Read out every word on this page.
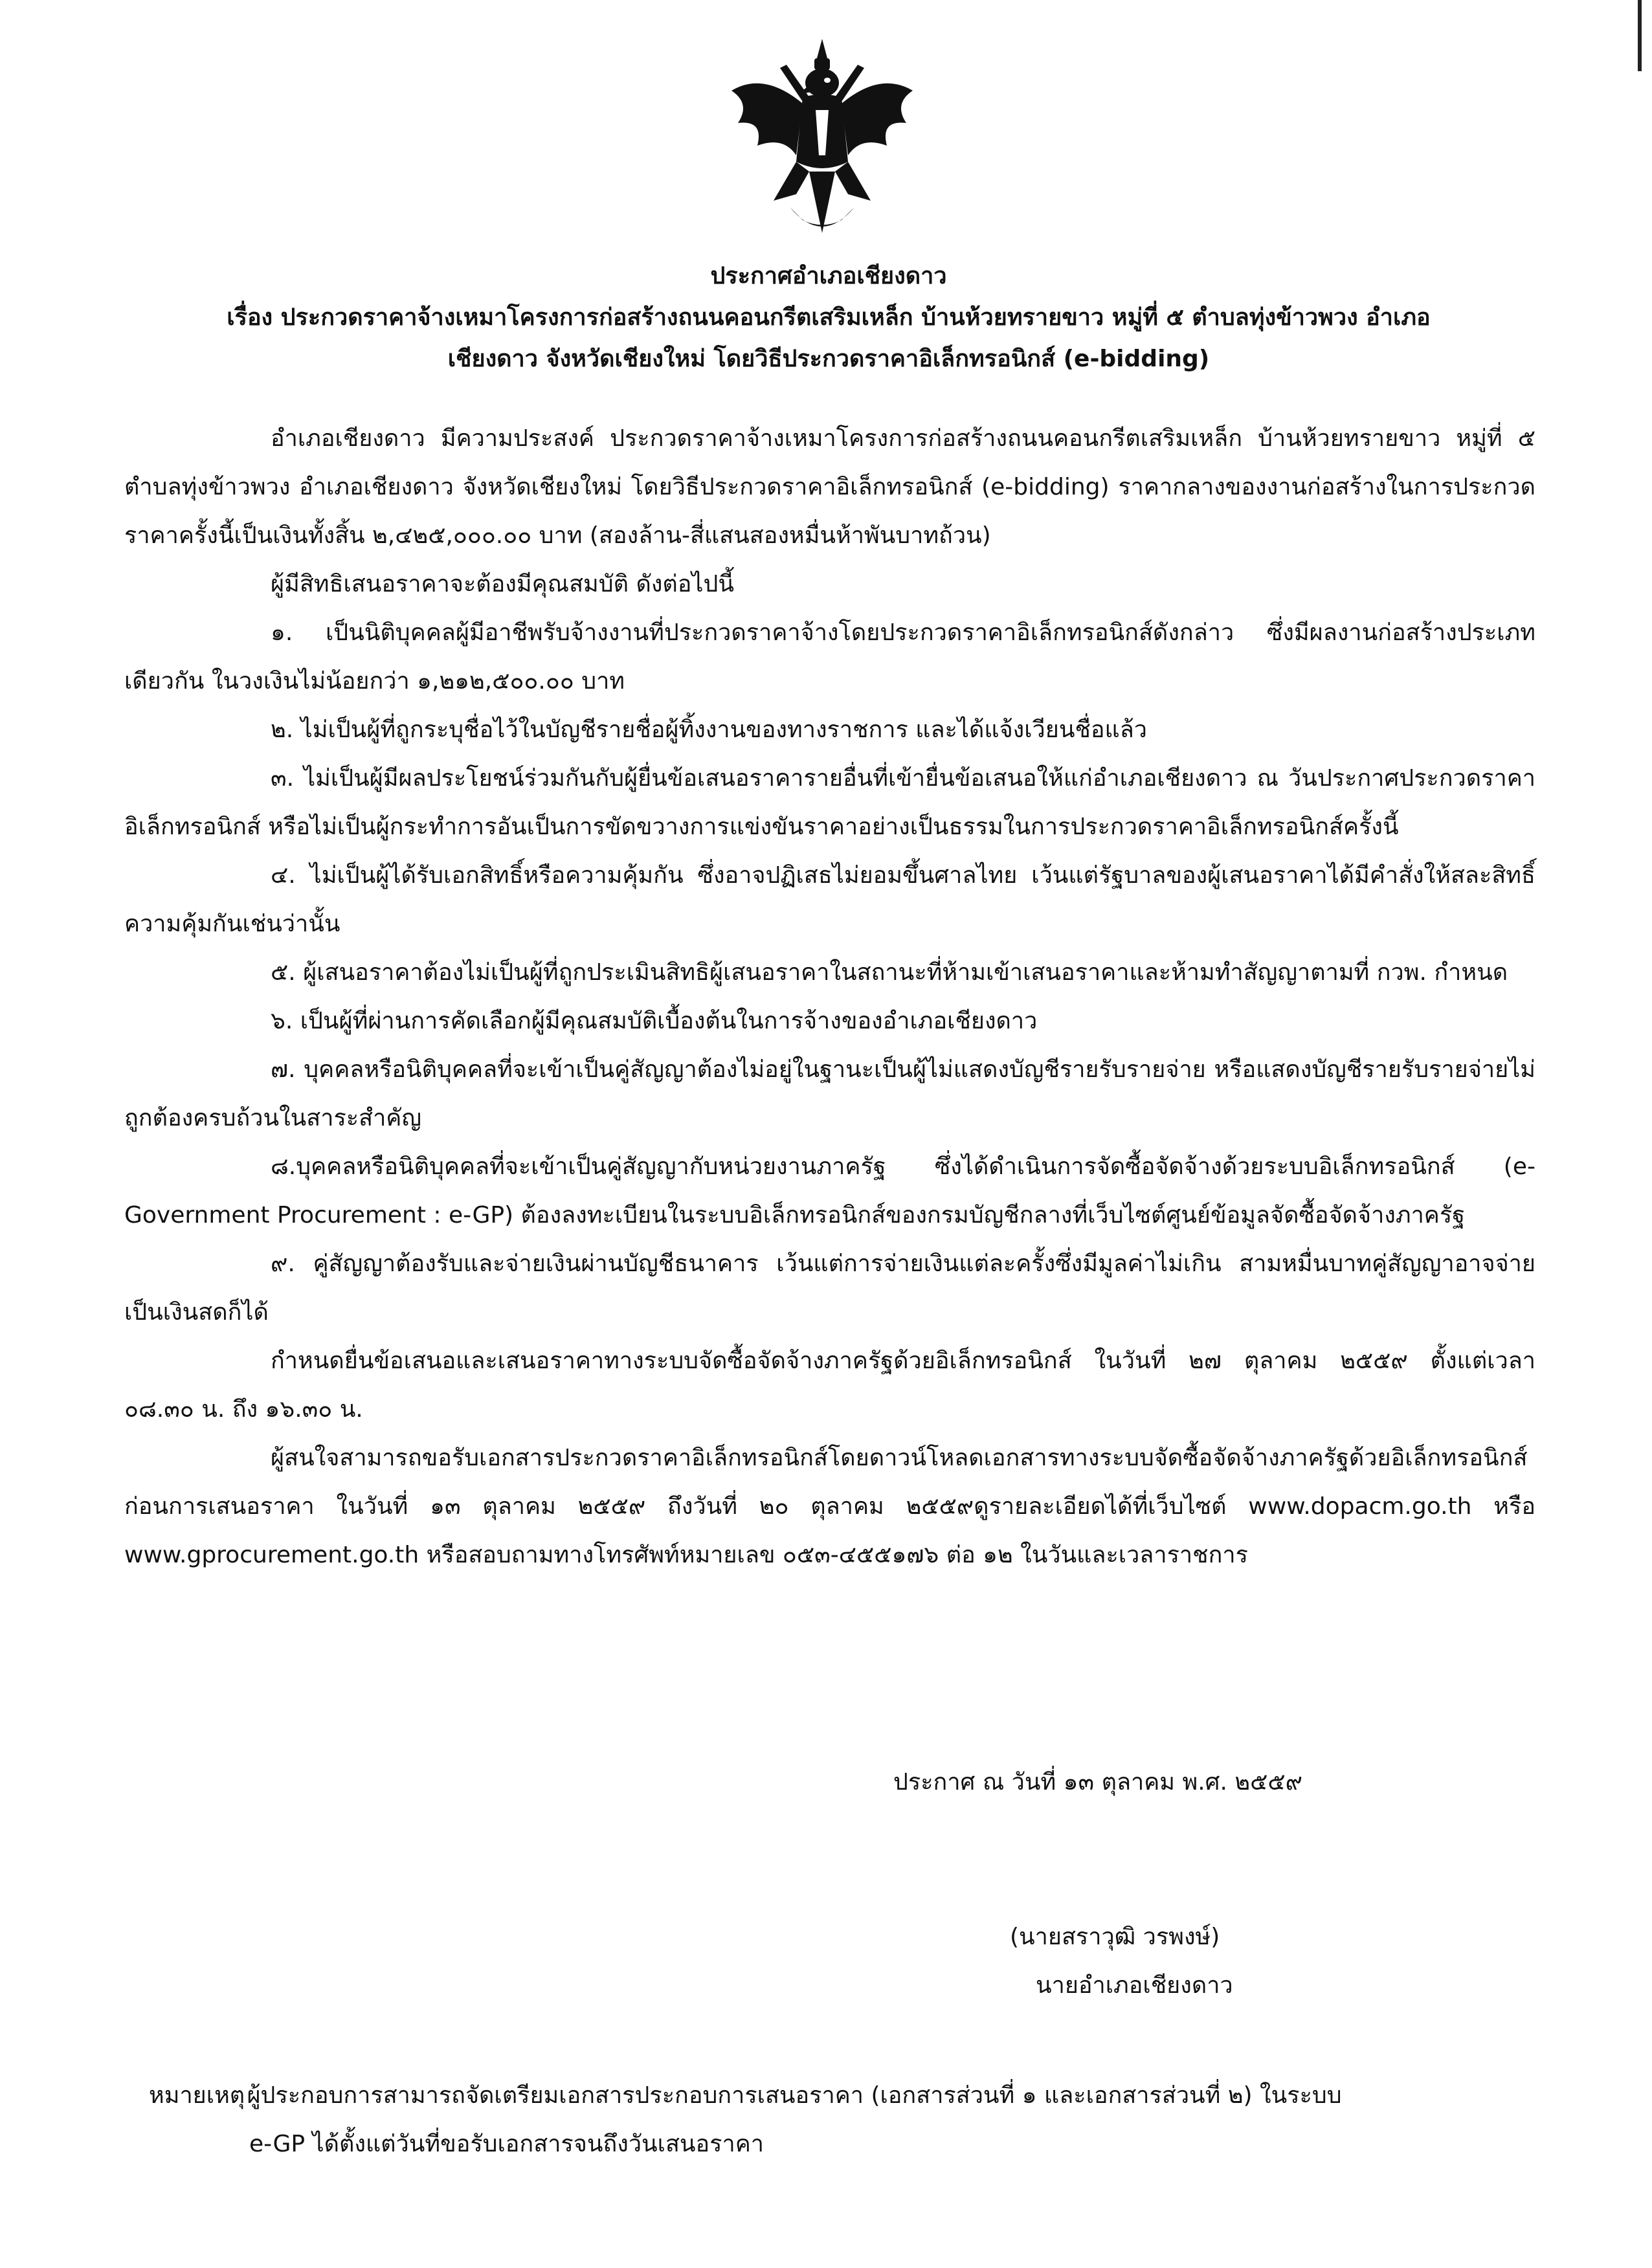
ประกาศอำเภอเชียงดาว
เรื่อง ประกวดราคาจ้างเหมาโครงการก่อสร้างถนนคอนกรีตเสริมเหล็ก บ้านห้วยทรายขาว หมู่ที่ ๕ ตำบลทุ่งข้าวพวง อำเภอ
เชียงดาว จังหวัดเชียงใหม่ โดยวิธีประกวดราคาอิเล็กทรอนิกส์ (e-bidding)

อำเภอเชียงดาว มีความประสงค์ ประกวดราคาจ้างเหมาโครงการก่อสร้างถนนคอนกรีตเสริมเหล็ก บ้านห้วยทรายขาว หมู่ที่ ๕ ตำบลทุ่งข้าวพวง อำเภอเชียงดาว จังหวัดเชียงใหม่ โดยวิธีประกวดราคาอิเล็กทรอนิกส์ (e-bidding) ราคากลางของงานก่อสร้างในการประกวดราคาครั้งนี้เป็นเงินทั้งสิ้น ๒,๔๒๕,๐๐๐.๐๐ บาท (สองล้าน-สี่แสนสองหมื่นห้าพันบาทถ้วน)

ผู้มีสิทธิเสนอราคาจะต้องมีคุณสมบัติ ดังต่อไปนี้

๑. เป็นนิติบุคคลผู้มีอาชีพรับจ้างงานที่ประกวดราคาจ้างโดยประกวดราคาอิเล็กทรอนิกส์ดังกล่าว ซึ่งมีผลงานก่อสร้างประเภทเดียวกัน ในวงเงินไม่น้อยกว่า ๑,๒๑๒,๕๐๐.๐๐ บาท

๒. ไม่เป็นผู้ที่ถูกระบุชื่อไว้ในบัญชีรายชื่อผู้ทิ้งงานของทางราชการ และได้แจ้งเวียนชื่อแล้ว

๓. ไม่เป็นผู้มีผลประโยชน์ร่วมกันกับผู้ยื่นข้อเสนอราคารายอื่นที่เข้ายื่นข้อเสนอให้แก่อำเภอเชียงดาว ณ วันประกาศประกวดราคาอิเล็กทรอนิกส์ หรือไม่เป็นผู้กระทำการอันเป็นการขัดขวางการแข่งขันราคาอย่างเป็นธรรมในการประกวดราคาอิเล็กทรอนิกส์ครั้งนี้

๔. ไม่เป็นผู้ได้รับเอกสิทธิ์หรือความคุ้มกัน ซึ่งอาจปฏิเสธไม่ยอมขึ้นศาลไทย เว้นแต่รัฐบาลของผู้เสนอราคาได้มีคำสั่งให้สละสิทธิ์ความคุ้มกันเช่นว่านั้น

๕. ผู้เสนอราคาต้องไม่เป็นผู้ที่ถูกประเมินสิทธิผู้เสนอราคาในสถานะที่ห้ามเข้าเสนอราคาและห้ามทำสัญญาตามที่ กวพ. กำหนด

๖. เป็นผู้ที่ผ่านการคัดเลือกผู้มีคุณสมบัติเบื้องต้นในการจ้างของอำเภอเชียงดาว

๗. บุคคลหรือนิติบุคคลที่จะเข้าเป็นคู่สัญญาต้องไม่อยู่ในฐานะเป็นผู้ไม่แสดงบัญชีรายรับรายจ่าย หรือแสดงบัญชีรายรับรายจ่ายไม่ถูกต้องครบถ้วนในสาระสำคัญ

๘.บุคคลหรือนิติบุคคลที่จะเข้าเป็นคู่สัญญากับหน่วยงานภาครัฐ ซึ่งได้ดำเนินการจัดซื้อจัดจ้างด้วยระบบอิเล็กทรอนิกส์ (e-Government Procurement : e-GP) ต้องลงทะเบียนในระบบอิเล็กทรอนิกส์ของกรมบัญชีกลางที่เว็บไซต์ศูนย์ข้อมูลจัดซื้อจัดจ้างภาครัฐ

๙. คู่สัญญาต้องรับและจ่ายเงินผ่านบัญชีธนาคาร เว้นแต่การจ่ายเงินแต่ละครั้งซึ่งมีมูลค่าไม่เกิน สามหมื่นบาทคู่สัญญาอาจจ่ายเป็นเงินสดก็ได้

กำหนดยื่นข้อเสนอและเสนอราคาทางระบบจัดซื้อจัดจ้างภาครัฐด้วยอิเล็กทรอนิกส์ ในวันที่ ๒๗ ตุลาคม ๒๕๕๙ ตั้งแต่เวลา ๐๘.๓๐ น. ถึง ๑๖.๓๐ น.

ผู้สนใจสามารถขอรับเอกสารประกวดราคาอิเล็กทรอนิกส์โดยดาวน์โหลดเอกสารทางระบบจัดซื้อจัดจ้างภาครัฐด้วยอิเล็กทรอนิกส์ก่อนการเสนอราคา ในวันที่ ๑๓ ตุลาคม ๒๕๕๙ ถึงวันที่ ๒๐ ตุลาคม ๒๕๕๙ดูรายละเอียดได้ที่เว็บไซต์ www.dopacm.go.th หรือ www.gprocurement.go.th หรือสอบถามทางโทรศัพท์หมายเลข ๐๕๓-๔๕๕๑๗๖ ต่อ ๑๒ ในวันและเวลาราชการ

ประกาศ ณ วันที่ ๑๓ ตุลาคม พ.ศ. ๒๕๕๙
(นายสราวุฒิ วรพงษ์)
นายอำเภอเชียงดาว
หมายเหตุ ผู้ประกอบการสามารถจัดเตรียมเอกสารประกอบการเสนอราคา (เอกสารส่วนที่ ๑ และเอกสารส่วนที่ ๒) ในระบบ
e-GP ได้ตั้งแต่วันที่ขอรับเอกสารจนถึงวันเสนอราคา
